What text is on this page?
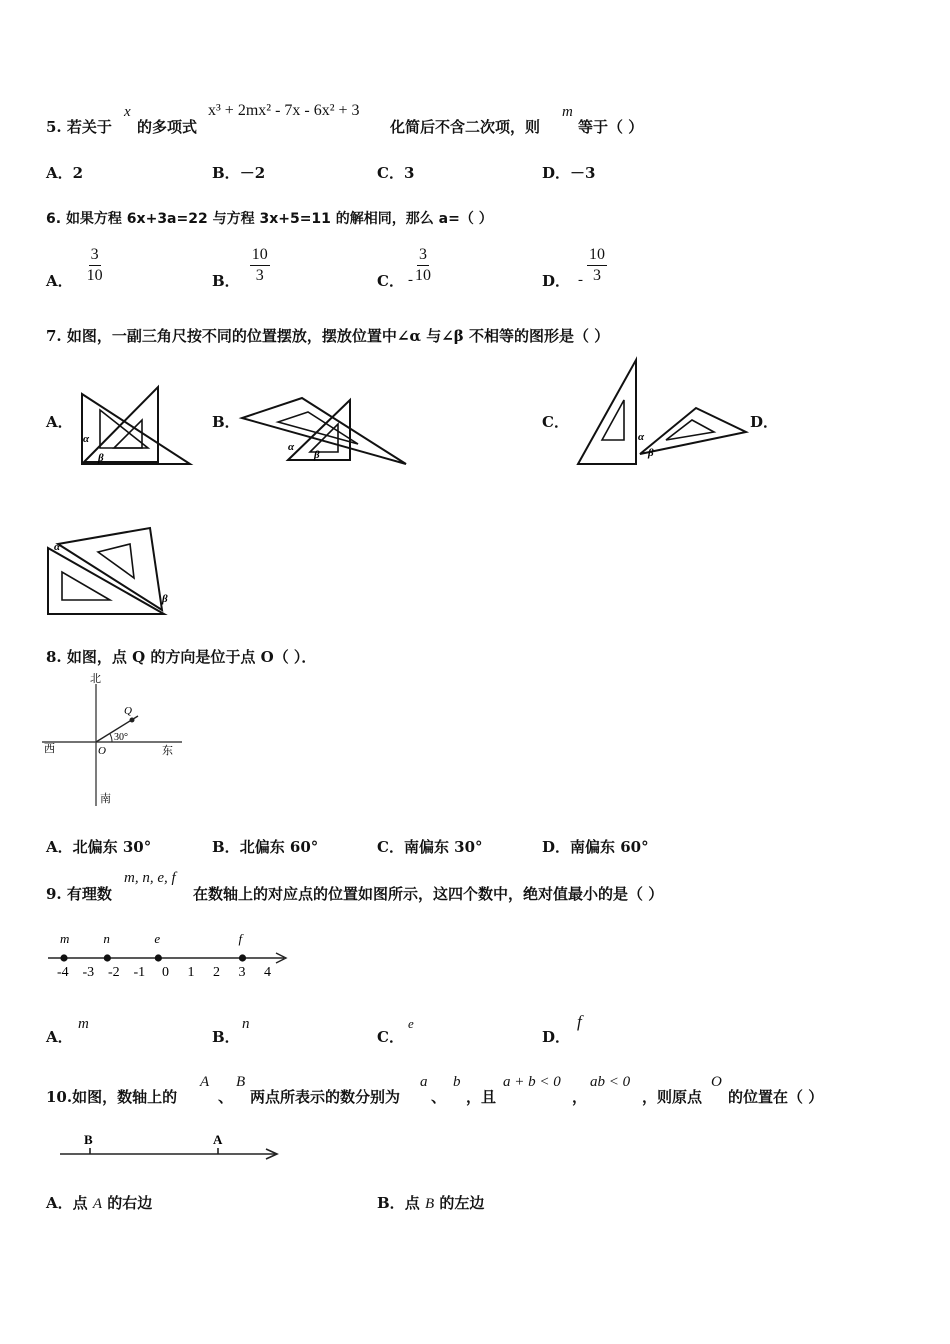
5. 若关于
x
的多项式
x³ + 2mx² - 7x - 6x² + 3
化简后不含二次项，则
m
等于（ ）
A．2	B．－2	C．3	D．－3
6. 如果方程 6x+3a=22 与方程 3x+5=11 的解相同，那么 a=（ ）
A． $\frac{3}{10}$	B． $\frac{10}{3}$	C． - $\frac{3}{10}$	D． - $\frac{10}{3}$
7. 如图，一副三角尺按不同的位置摆放，摆放位置中∠α 与∠β 不相等的图形是（ ）
A．
α
β
B．
α
β
C．
α
β
D．
α
β
8. 如图，点 Q 的方向是位于点 O（ ）．
北
南
东
西	O
Q
30°
A．北偏东 30°	B．北偏东 60°	C．南偏东 30°	D．南偏东 60°
9. 有理数
m, n, e, f
在数轴上的对应点的位置如图所示，这四个数中，绝对值最小的是（ ）
-4 -3 -2 -1 0 1 2 3 4
m	n	e	f
A．
m
B．
n
C．
e
D．
f
10.如图，数轴上的
A
、
B
两点所表示的数分别为
a
、
b
，且
a + b < 0
，
ab < 0
，则原点
O
的位置在（ ）
B	A
A．点 A 的右边	B．点 B 的左边
